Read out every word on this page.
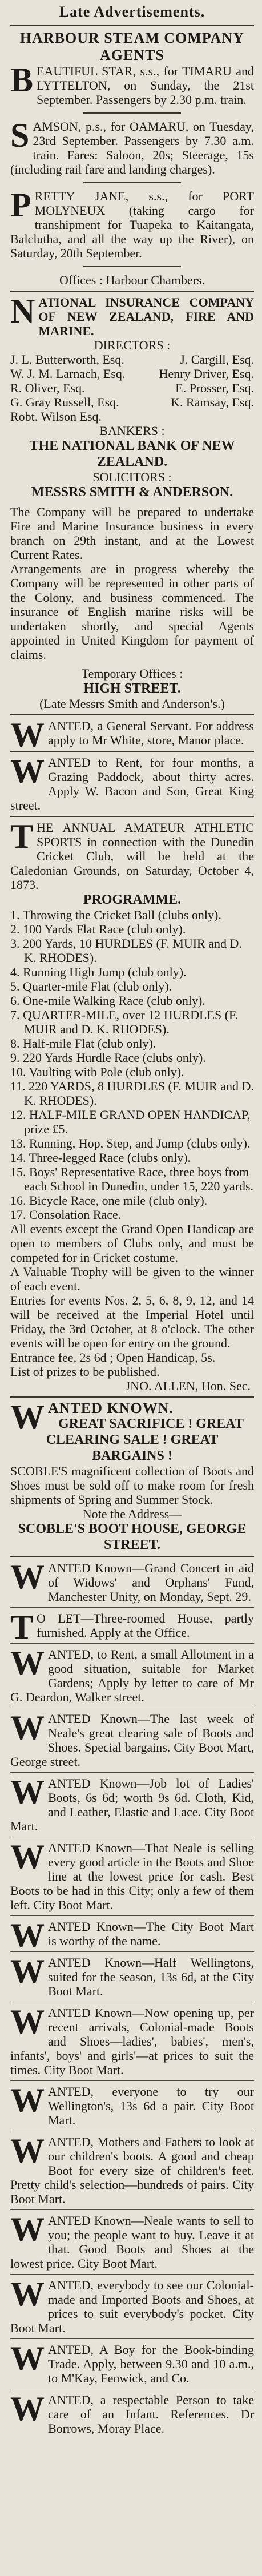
Late Advertisements.
HARBOUR STEAM COMPANY AGENTS
BEAUTIFUL STAR, s.s., for TIMARU and LYTTELTON, on Sunday, the 21st September. Passengers by 2.30 p.m. train.
SAMSON, p.s., for OAMARU, on Tuesday, 23rd September. Passengers by 7.30 a.m. train. Fares: Saloon, 20s; Steerage, 15s (including rail fare and landing charges).
PRETTY JANE, s.s., for PORT MOLYNEUX (taking cargo for transhipment for Tuapeka to Kaitangata, Balclutha, and all the way up the River), on Saturday, 20th September.
Offices : Harbour Chambers.
NATIONAL INSURANCE COMPANY OF NEW ZEALAND, FIRE AND MARINE.
DIRECTORS :
J. L. Butterworth, Esq.	J. Cargill, Esq.
W. J. M. Larnach, Esq.	Henry Driver, Esq.
R. Oliver, Esq.	E. Prosser, Esq.
G. Gray Russell, Esq.	K. Ramsay, Esq.
Robt. Wilson Esq.
BANKERS :
THE NATIONAL BANK OF NEW ZEALAND.
SOLICITORS :
MESSRS SMITH & ANDERSON.
The Company will be prepared to undertake Fire and Marine Insurance business in every branch on 29th instant, and at the Lowest Current Rates.
Arrangements are in progress whereby the Company will be represented in other parts of the Colony, and business commenced. The insurance of English marine risks will be undertaken shortly, and special Agents appointed in United Kingdom for payment of claims.
Temporary Offices :
HIGH STREET.
(Late Messrs Smith and Anderson's.)
WANTED, a General Servant. For address apply to Mr White, store, Manor place.
WANTED to Rent, for four months, a Grazing Paddock, about thirty acres. Apply W. Bacon and Son, Great King street.
THE ANNUAL AMATEUR ATHLETIC SPORTS in connection with the Dunedin Cricket Club, will be held at the Caledonian Grounds, on Saturday, October 4, 1873.
PROGRAMME.
1. Throwing the Cricket Ball (clubs only).
2. 100 Yards Flat Race (club only).
3. 200 Yards, 10 HURDLES (F. MUIR and D. K. RHODES).
4. Running High Jump (club only).
5. Quarter-mile Flat (club only).
6. One-mile Walking Race (club only).
7. QUARTER-MILE, over 12 HURDLES (F. MUIR and D. K. RHODES).
8. Half-mile Flat (club only).
9. 220 Yards Hurdle Race (clubs only).
10. Vaulting with Pole (club only).
11. 220 YARDS, 8 HURDLES (F. MUIR and D. K. RHODES).
12. HALF-MILE GRAND OPEN HANDICAP, prize £5.
13. Running, Hop, Step, and Jump (clubs only).
14. Three-legged Race (clubs only).
15. Boys' Representative Race, three boys from each School in Dunedin, under 15, 220 yards.
16. Bicycle Race, one mile (club only).
17. Consolation Race.
All events except the Grand Open Handicap are open to members of Clubs only, and must be competed for in Cricket costume.
A Valuable Trophy will be given to the winner of each event.
Entries for events Nos. 2, 5, 6, 8, 9, 12, and 14 will be received at the Imperial Hotel until Friday, the 3rd October, at 8 o'clock. The other events will be open for entry on the ground.
Entrance fee, 2s 6d ; Open Handicap, 5s.
List of prizes to be published.
JNO. ALLEN, Hon. Sec.
WANTED KNOWN.
GREAT SACRIFICE ! GREAT CLEARING SALE ! GREAT BARGAINS !
SCOBLE'S magnificent collection of Boots and Shoes must be sold off to make room for fresh shipments of Spring and Summer Stock.
Note the Address—
SCOBLE'S BOOT HOUSE, GEORGE STREET.
WANTED Known—Grand Concert in aid of Widows' and Orphans' Fund, Manchester Unity, on Monday, Sept. 29.
T O LET—Three-roomed House, partly furnished. Apply at the Office.
WANTED, to Rent, a small Allotment in a good situation, suitable for Market Gardens; Apply by letter to care of Mr G. Deardon, Walker street.
WANTED Known—The last week of Neale's great clearing sale of Boots and Shoes. Special bargains. City Boot Mart, George street.
WANTED Known—Job lot of Ladies' Boots, 6s 6d; worth 9s 6d. Cloth, Kid, and Leather, Elastic and Lace. City Boot Mart.
WANTED Known—That Neale is selling every good article in the Boots and Shoe line at the lowest price for cash. Best Boots to be had in this City; only a few of them left. City Boot Mart.
WANTED Known—The City Boot Mart is worthy of the name.
WANTED Known—Half Wellingtons, suited for the season, 13s 6d, at the City Boot Mart.
WANTED Known—Now opening up, per recent arrivals, Colonial-made Boots and Shoes—ladies', babies', men's, infants', boys' and girls'—at prices to suit the times. City Boot Mart.
WANTED, everyone to try our Wellington's, 13s 6d a pair. City Boot Mart.
WANTED, Mothers and Fathers to look at our children's boots. A good and cheap Boot for every size of children's feet. Pretty child's selection—hundreds of pairs. City Boot Mart.
WANTED Known—Neale wants to sell to you; the people want to buy. Leave it at that. Good Boots and Shoes at the lowest price. City Boot Mart.
WANTED, everybody to see our Colonial-made and Imported Boots and Shoes, at prices to suit everybody's pocket. City Boot Mart.
WANTED, A Boy for the Book-binding Trade. Apply, between 9.30 and 10 a.m., to M'Kay, Fenwick, and Co.
WANTED, a respectable Person to take care of an Infant. References. Dr Borrows, Moray Place.
